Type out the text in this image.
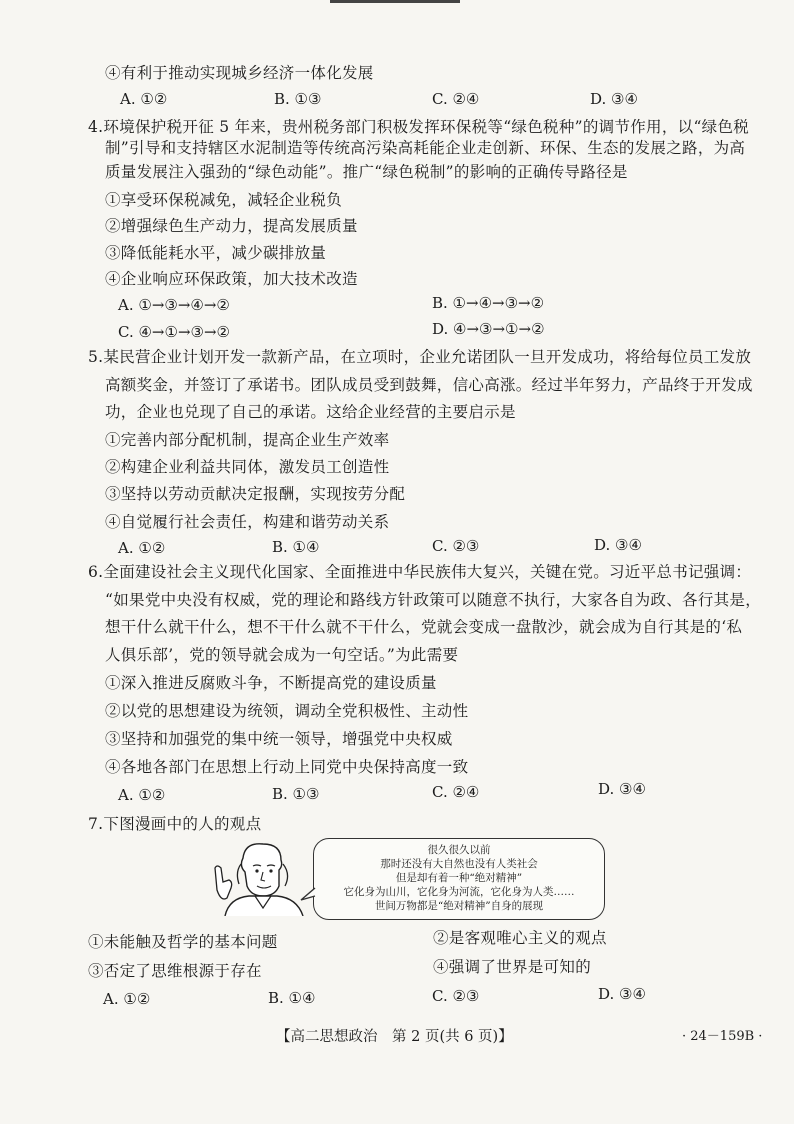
④有利于推动实现城乡经济一体化发展
A. ①②	B. ①③	C. ②④	D. ③④
4.环境保护税开征 5 年来，贵州税务部门积极发挥环保税等“绿色税种”的调节作用，以“绿色税
制”引导和支持辖区水泥制造等传统高污染高耗能企业走创新、环保、生态的发展之路，为高
质量发展注入强劲的“绿色动能”。推广“绿色税制”的影响的正确传导路径是
①享受环保税减免，减轻企业税负
②增强绿色生产动力，提高发展质量
③降低能耗水平，减少碳排放量
④企业响应环保政策，加大技术改造
A. ①→③→④→②	B. ①→④→③→②
C. ④→①→③→②	D. ④→③→①→②
5.某民营企业计划开发一款新产品，在立项时，企业允诺团队一旦开发成功，将给每位员工发放
高额奖金，并签订了承诺书。团队成员受到鼓舞，信心高涨。经过半年努力，产品终于开发成
功，企业也兑现了自己的承诺。这给企业经营的主要启示是
①完善内部分配机制，提高企业生产效率
②构建企业利益共同体，激发员工创造性
③坚持以劳动贡献决定报酬，实现按劳分配
④自觉履行社会责任，构建和谐劳动关系
A. ①②	B. ①④	C. ②③	D. ③④
6.全面建设社会主义现代化国家、全面推进中华民族伟大复兴，关键在党。习近平总书记强调：
“如果党中央没有权威，党的理论和路线方针政策可以随意不执行，大家各自为政、各行其是，
想干什么就干什么，想不干什么就不干什么，党就会变成一盘散沙，就会成为自行其是的‘私
人俱乐部’，党的领导就会成为一句空话。”为此需要
①深入推进反腐败斗争，不断提高党的建设质量
②以党的思想建设为统领，调动全党积极性、主动性
③坚持和加强党的集中统一领导，增强党中央权威
④各地各部门在思想上行动上同党中央保持高度一致
A. ①②	B. ①③	C. ②④	D. ③④
7.下图漫画中的人的观点
很久很久以前
那时还没有大自然也没有人类社会
但是却有着一种“绝对精神”
它化身为山川，它化身为河流，它化身为人类……
世间万物都是“绝对精神”自身的展现
①未能触及哲学的基本问题	②是客观唯心主义的观点
③否定了思维根源于存在	④强调了世界是可知的
A. ①②	B. ①④	C. ②③	D. ③④
【高二思想政治　第 2 页(共 6 页)】	· 24－159B ·
